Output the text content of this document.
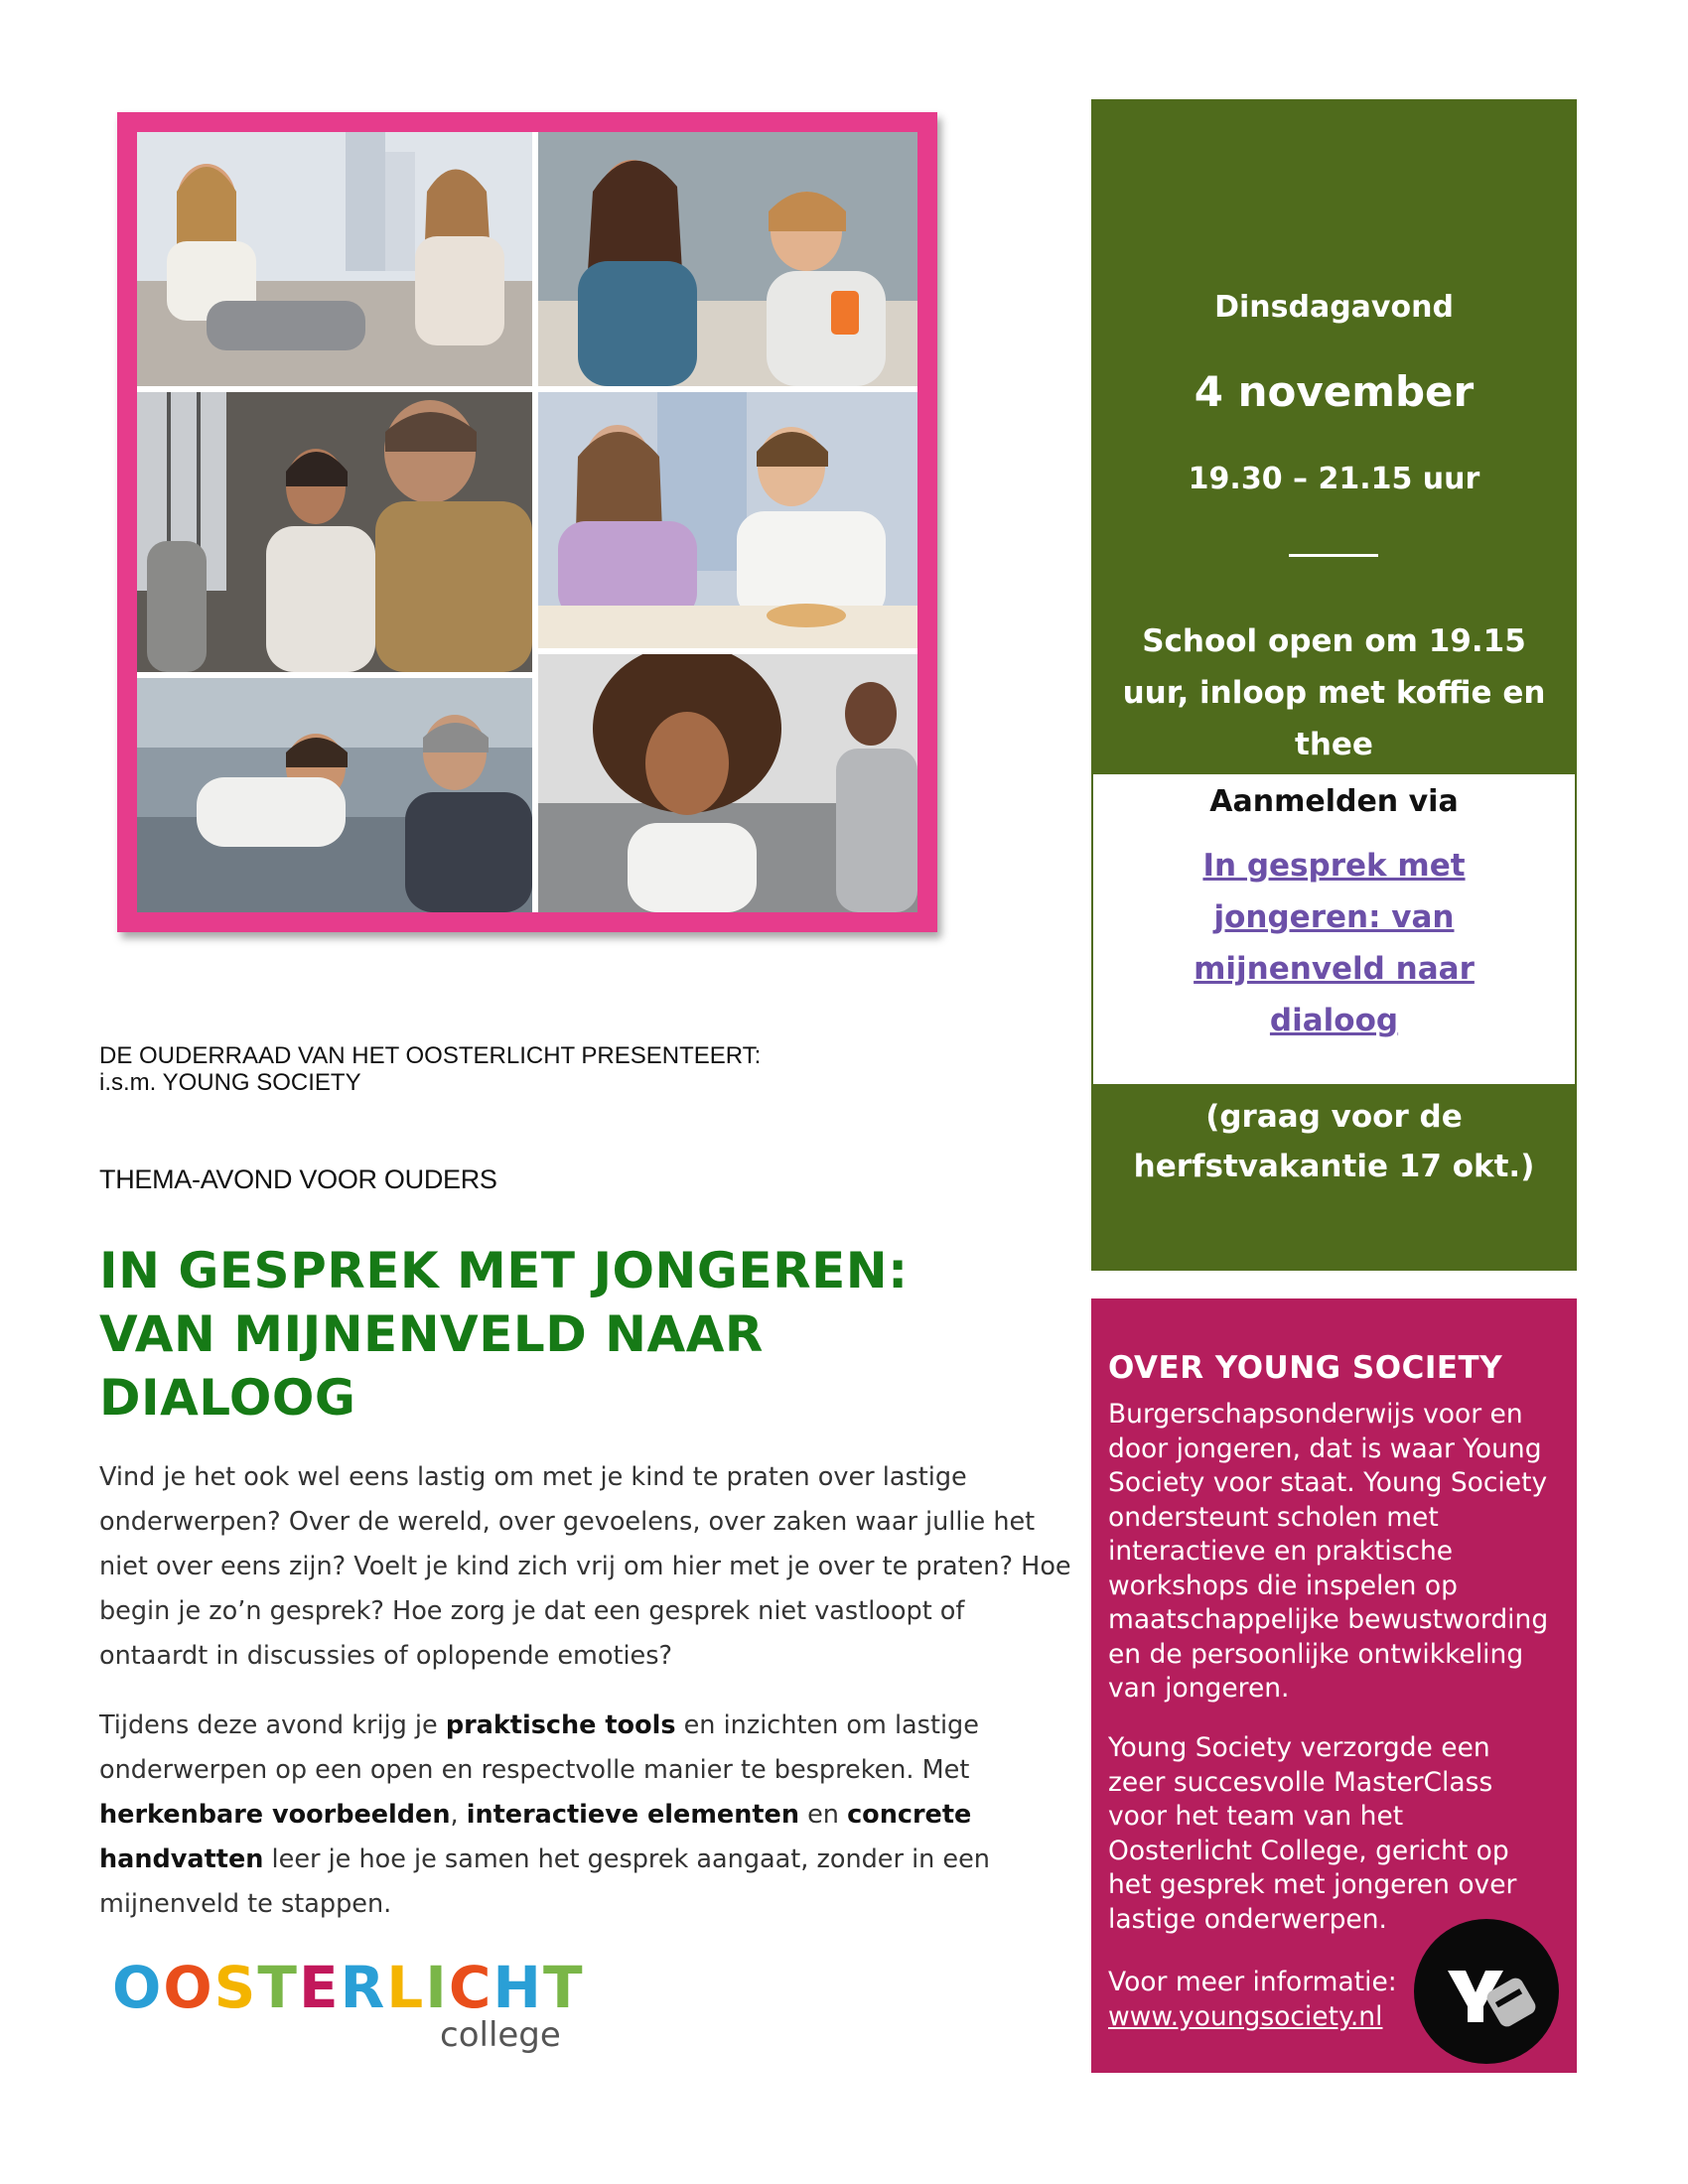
DE OUDERRAAD VAN HET OOSTERLICHT PRESENTEERT:
i.s.m. YOUNG SOCIETY
THEMA-AVOND VOOR OUDERS
IN GESPREK MET JONGEREN:
VAN MIJNENVELD NAAR
DIALOOG
Vind je het ook wel eens lastig om met je kind te praten over lastige onderwerpen? Over de wereld, over gevoelens, over zaken waar jullie het niet over eens zijn? Voelt je kind zich vrij om hier met je over te praten? Hoe begin je zo’n gesprek? Hoe zorg je dat een gesprek niet vastloopt of ontaardt in discussies of oplopende emoties?
Tijdens deze avond krijg je praktische tools en inzichten om lastige onderwerpen op een open en respectvolle manier te bespreken. Met herkenbare voorbeelden, interactieve elementen en concrete handvatten leer je hoe je samen het gesprek aangaat, zonder in een mijnenveld te stappen.
OOSTERLICHT
college
Dinsdagavond
4 november
19.30 – 21.15 uur
School open om 19.15 uur, inloop met koffie en thee
Aanmelden via
In gesprek met jongeren: van mijnenveld naar dialoog
(graag voor de herfstvakantie 17 okt.)
OVER YOUNG SOCIETY
Burgerschapsonderwijs voor en door jongeren, dat is waar Young Society voor staat. Young Society ondersteunt scholen met interactieve en praktische workshops die inspelen op maatschappelijke bewustwording en de persoonlijke ontwikkeling van jongeren.
Young Society verzorgde een zeer succesvolle MasterClass voor het team van het Oosterlicht College, gericht op het gesprek met jongeren over lastige onderwerpen.
Voor meer informatie:
www.youngsociety.nl
